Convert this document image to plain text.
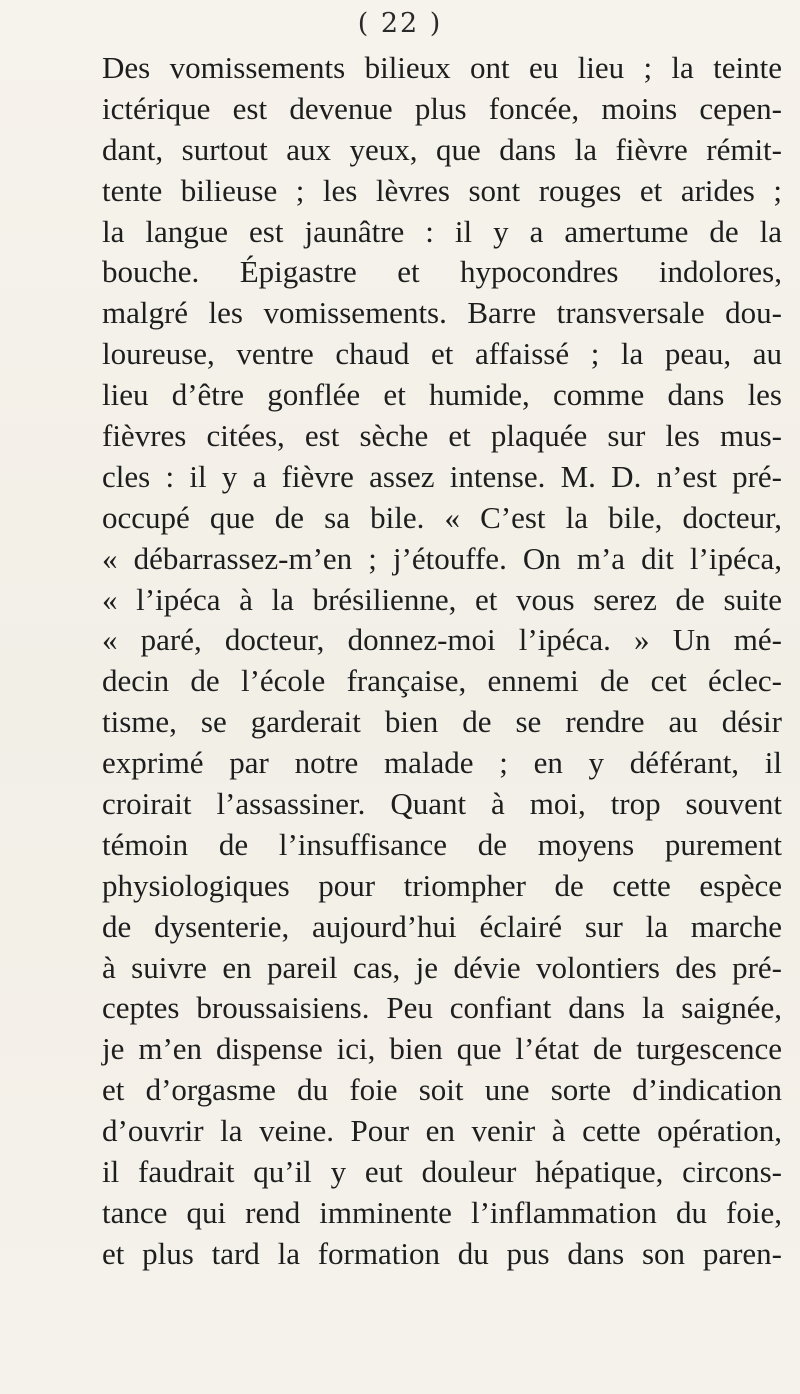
( 22 )
Des vomissements bilieux ont eu lieu ; la teinte
ictérique est devenue plus foncée, moins cepen-
dant, surtout aux yeux, que dans la fièvre rémit-
tente bilieuse ; les lèvres sont rouges et arides ;
la langue est jaunâtre : il y a amertume de la
bouche. Épigastre et hypocondres indolores,
malgré les vomissements. Barre transversale dou-
loureuse, ventre chaud et affaissé ; la peau, au
lieu d’être gonflée et humide, comme dans les
fièvres citées, est sèche et plaquée sur les mus-
cles : il y a fièvre assez intense. M. D. n’est pré-
occupé que de sa bile. « C’est la bile, docteur,
« débarrassez-m’en ; j’étouffe. On m’a dit l’ipéca,
« l’ipéca à la brésilienne, et vous serez de suite
« paré, docteur, donnez-moi l’ipéca. » Un mé-
decin de l’école française, ennemi de cet éclec-
tisme, se garderait bien de se rendre au désir
exprimé par notre malade ; en y déférant, il
croirait l’assassiner. Quant à moi, trop souvent
témoin de l’insuffisance de moyens purement
physiologiques pour triompher de cette espèce
de dysenterie, aujourd’hui éclairé sur la marche
à suivre en pareil cas, je dévie volontiers des pré-
ceptes broussaisiens. Peu confiant dans la saignée,
je m’en dispense ici, bien que l’état de turgescence
et d’orgasme du foie soit une sorte d’indication
d’ouvrir la veine. Pour en venir à cette opération,
il faudrait qu’il y eut douleur hépatique, circons-
tance qui rend imminente l’inflammation du foie,
et plus tard la formation du pus dans son paren-
